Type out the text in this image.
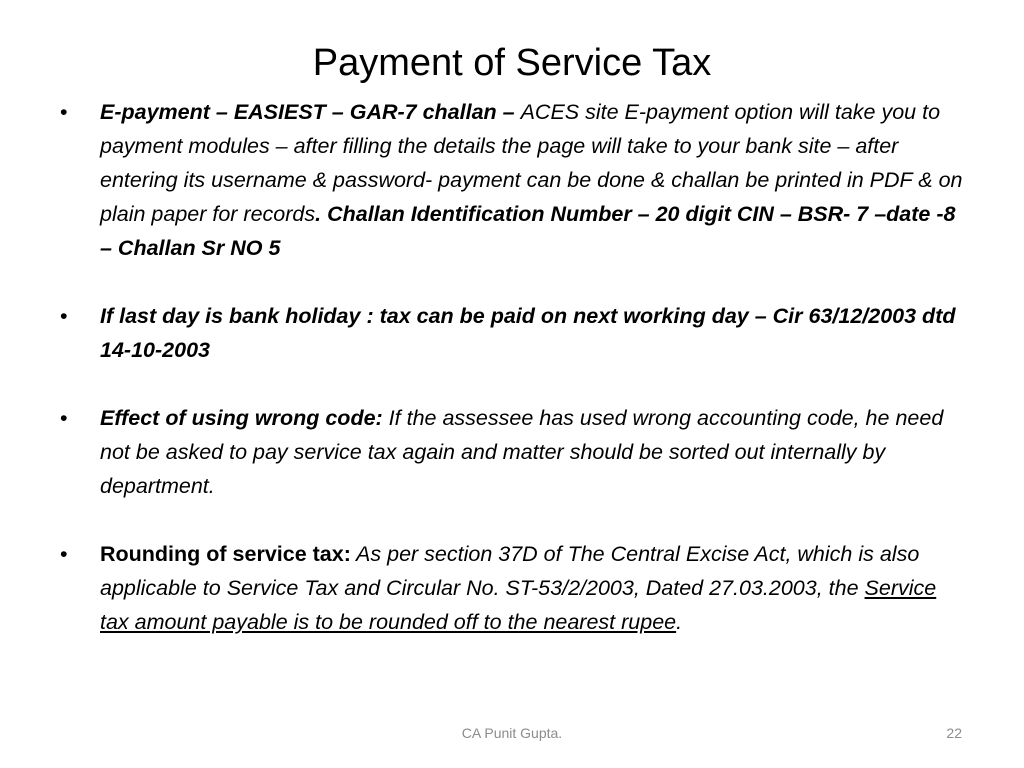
Payment of Service Tax
•	E-payment – EASIEST – GAR-7 challan – ACES site E-payment option will take you to payment modules – after filling the details the page will take to your bank site – after entering its username & password- payment can be done & challan be printed in PDF & on plain paper for records. Challan Identification Number – 20 digit CIN – BSR- 7 –date -8 – Challan Sr NO 5
•	If last day is bank holiday : tax can be paid on next working day – Cir 63/12/2003 dtd 14-10-2003
•	Effect of using wrong code: If the assessee has used wrong accounting code, he need not be asked to pay service tax again and matter should be sorted out internally by department.
•	Rounding of service tax: As per section 37D of The Central Excise Act, which is also applicable to Service Tax and Circular No. ST-53/2/2003, Dated 27.03.2003, the Service tax amount payable is to be rounded off to the nearest rupee.
CA Punit Gupta.	22
